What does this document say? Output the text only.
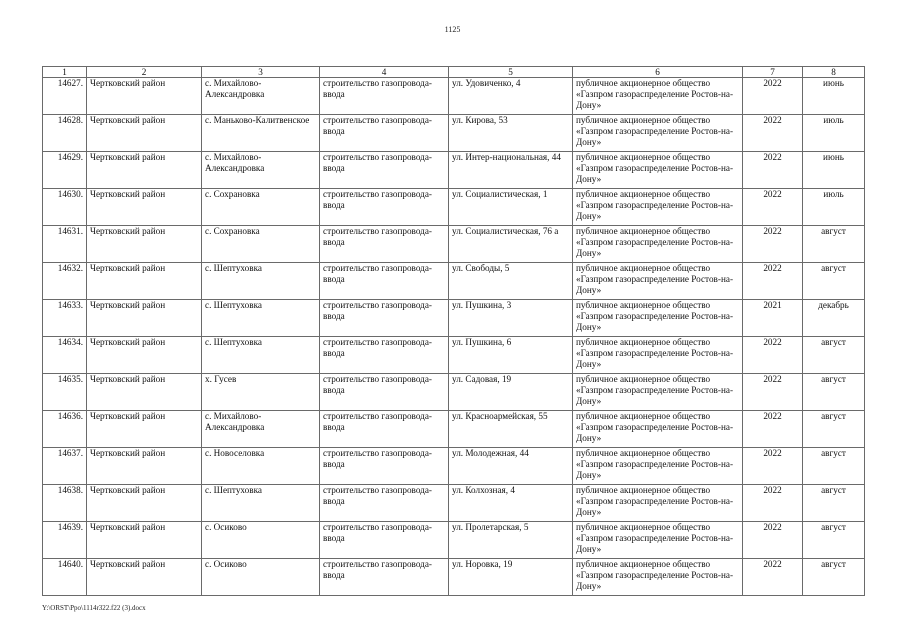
1125
1	2	3	4	5	6	7	8
14627.	Чертковский район	с. Михайлово-Александровка	строительство газопровода-ввода	ул. Удовиченко, 4	публичное акционерное общество «Газпром газораспределение Ростов-на-Дону»	2022	июнь
14628.	Чертковский район	с. Маньково-Калитвенское	строительство газопровода-ввода	ул. Кирова, 53	публичное акционерное общество «Газпром газораспределение Ростов-на-Дону»	2022	июль
14629.	Чертковский район	с. Михайлово-Александровка	строительство газопровода-ввода	ул. Интер-национальная, 44	публичное акционерное общество «Газпром газораспределение Ростов-на-Дону»	2022	июнь
14630.	Чертковский район	с. Сохрановка	строительство газопровода-ввода	ул. Социалистическая, 1	публичное акционерное общество «Газпром газораспределение Ростов-на-Дону»	2022	июль
14631.	Чертковский район	с. Сохрановка	строительство газопровода-ввода	ул. Социалистическая, 76 а	публичное акционерное общество «Газпром газораспределение Ростов-на-Дону»	2022	август
14632.	Чертковский район	с. Шептуховка	строительство газопровода-ввода	ул. Свободы, 5	публичное акционерное общество «Газпром газораспределение Ростов-на-Дону»	2022	август
14633.	Чертковский район	с. Шептуховка	строительство газопровода-ввода	ул. Пушкина, 3	публичное акционерное общество «Газпром газораспределение Ростов-на-Дону»	2021	декабрь
14634.	Чертковский район	с. Шептуховка	строительство газопровода-ввода	ул. Пушкина, 6	публичное акционерное общество «Газпром газораспределение Ростов-на-Дону»	2022	август
14635.	Чертковский район	х. Гусев	строительство газопровода-ввода	ул. Садовая, 19	публичное акционерное общество «Газпром газораспределение Ростов-на-Дону»	2022	август
14636.	Чертковский район	с. Михайлово-Александровка	строительство газопровода-ввода	ул. Красноармейская, 55	публичное акционерное общество «Газпром газораспределение Ростов-на-Дону»	2022	август
14637.	Чертковский район	с. Новоселовка	строительство газопровода-ввода	ул. Молодежная, 44	публичное акционерное общество «Газпром газораспределение Ростов-на-Дону»	2022	август
14638.	Чертковский район	с. Шептуховка	строительство газопровода-ввода	ул. Колхозная, 4	публичное акционерное общество «Газпром газораспределение Ростов-на-Дону»	2022	август
14639.	Чертковский район	с. Осиково	строительство газопровода-ввода	ул. Пролетарская, 5	публичное акционерное общество «Газпром газораспределение Ростов-на-Дону»	2022	август
14640.	Чертковский район	с. Осиково	строительство газопровода-ввода	ул. Норовка, 19	публичное акционерное общество «Газпром газораспределение Ростов-на-Дону»	2022	август
Y:\ORST\Ppo\1114r322.f22 (3).docx
